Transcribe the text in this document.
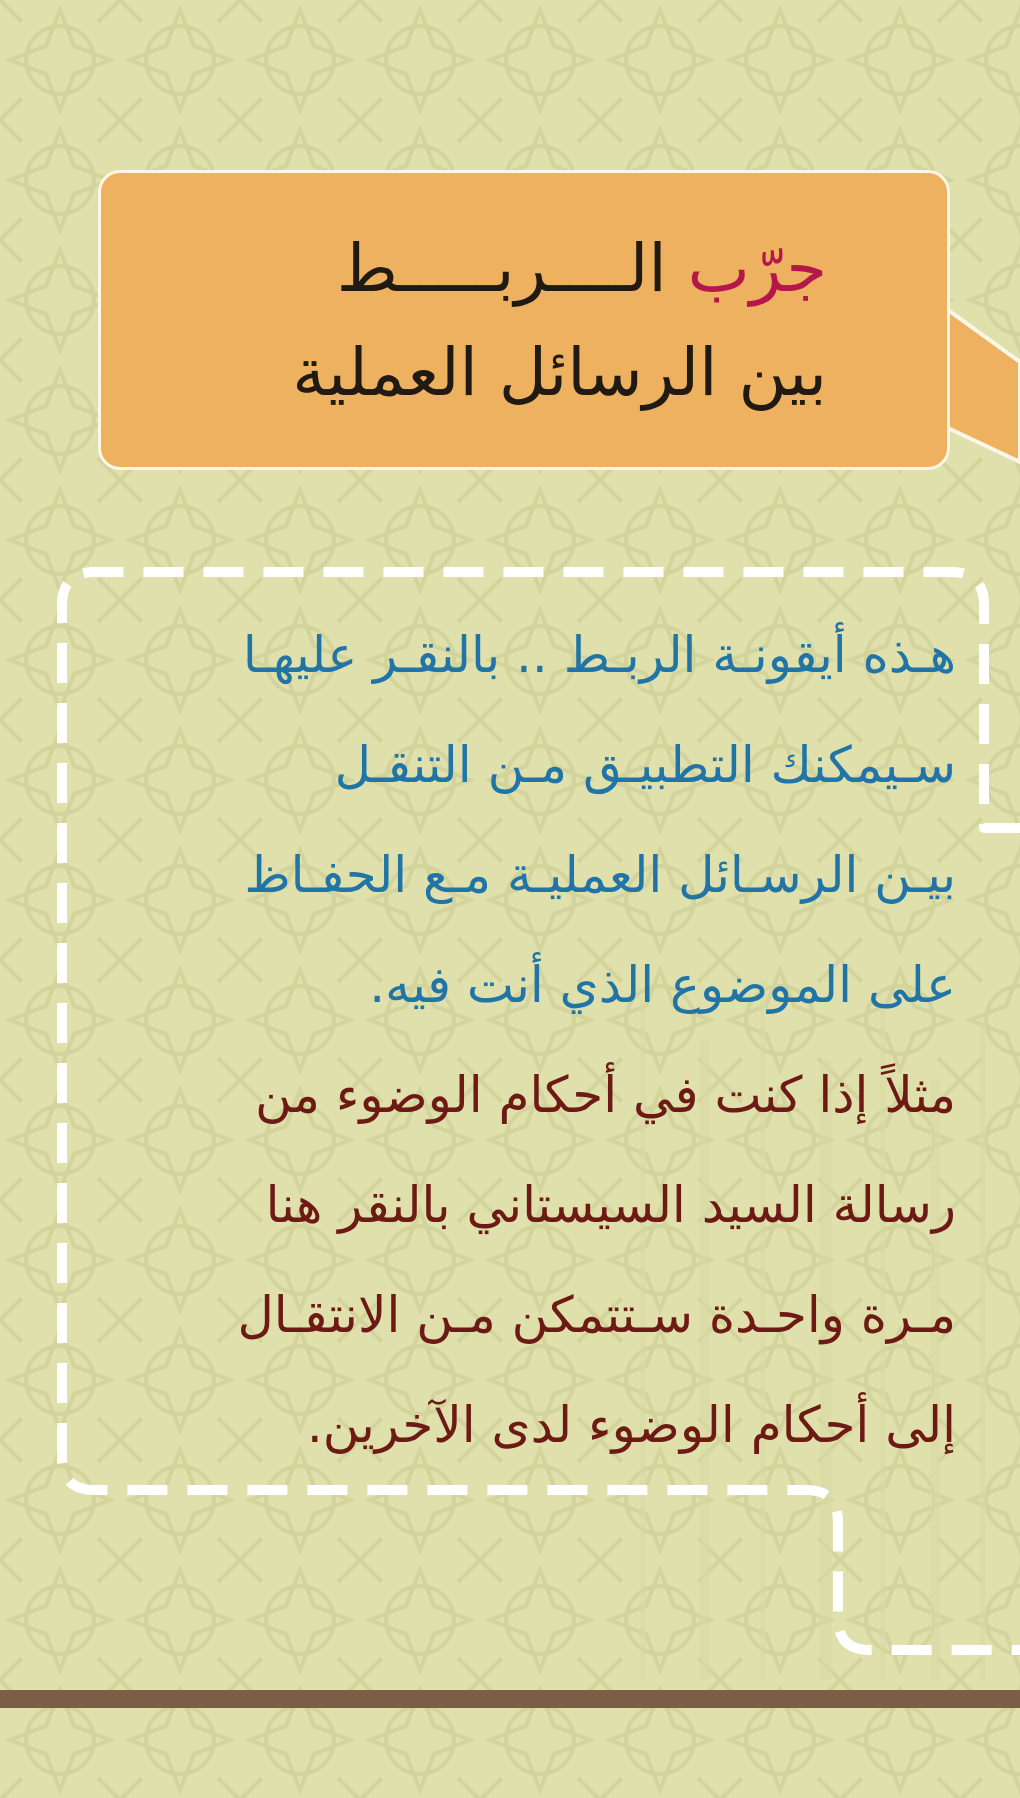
جرّب الــــربـــــط
بين الرسائل العملية
هـذه أيقونـة الربـط .. بالنقـر عليهـا
سـيمكنك التطبيـق مـن التنقـل
بيـن الرسـائل العمليـة مـع الحفـاظ
على الموضوع الذي أنت فيه.
مثلاً إذا كنت في أحكام الوضوء من
رسالة السيد السيستاني بالنقر هنا
مـرة واحـدة سـتتمكن مـن الانتقـال
إلى أحكام الوضوء لدى الآخرين.
